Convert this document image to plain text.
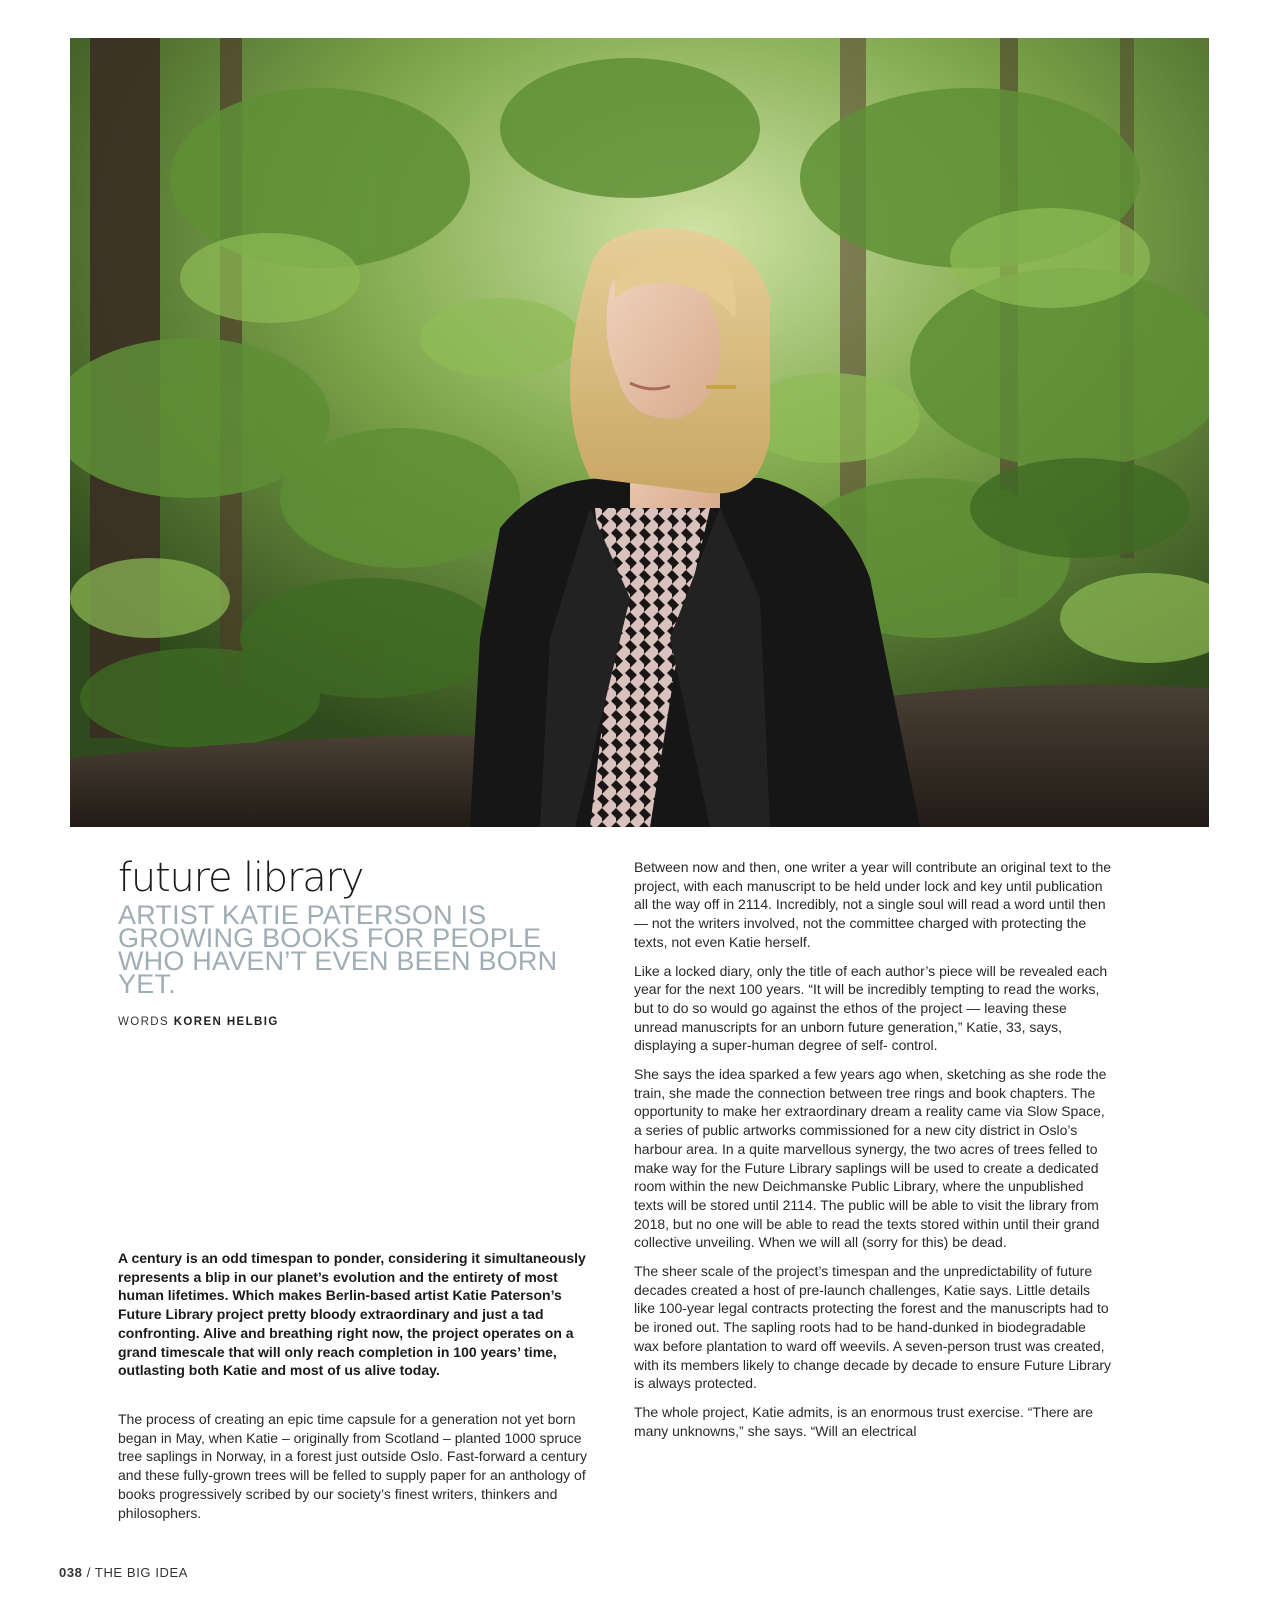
future library
ARTIST KATIE PATERSON IS GROWING BOOKS FOR PEOPLE WHO HAVEN’T EVEN BEEN BORN YET.
WORDS KOREN HELBIG
A century is an odd timespan to ponder, considering it simultaneously represents a blip in our planet’s evolution and the entirety of most human lifetimes. Which makes Berlin-based artist Katie Paterson’s Future Library project pretty bloody extraordinary and just a tad confronting. Alive and breathing right now, the project operates on a grand timescale that will only reach completion in 100 years’ time, outlasting both Katie and most of us alive today.
The process of creating an epic time capsule for a generation not yet born began in May, when Katie – originally from Scotland – planted 1000 spruce tree saplings in Norway, in a forest just outside Oslo. Fast-forward a century and these fully-grown trees will be felled to supply paper for an anthology of books progressively scribed by our society’s finest writers, thinkers and philosophers.

Between now and then, one writer a year will contribute an original text to the project, with each manuscript to be held under lock and key until publication all the way off in 2114. Incredibly, not a single soul will read a word until then — not the writers involved, not the committee charged with protecting the texts, not even Katie herself.

Like a locked diary, only the title of each author’s piece will be revealed each year for the next 100 years. “It will be incredibly tempting to read the works, but to do so would go against the ethos of the project — leaving these unread manuscripts for an unborn future generation,” Katie, 33, says, displaying a super-human degree of self- control.

She says the idea sparked a few years ago when, sketching as she rode the train, she made the connection between tree rings and book chapters. The opportunity to make her extraordinary dream a reality came via Slow Space, a series of public artworks commissioned for a new city district in Oslo’s harbour area. In a quite marvellous synergy, the two acres of trees felled to make way for the Future Library saplings will be used to create a dedicated room within the new Deichmanske Public Library, where the unpublished texts will be stored until 2114. The public will be able to visit the library from 2018, but no one will be able to read the texts stored within until their grand collective unveiling. When we will all (sorry for this) be dead.

The sheer scale of the project’s timespan and the unpredictability of future decades created a host of pre-launch challenges, Katie says. Little details like 100-year legal contracts protecting the forest and the manuscripts had to be ironed out. The sapling roots had to be hand-dunked in biodegradable wax before plantation to ward off weevils. A seven-person trust was created, with its members likely to change decade by decade to ensure Future Library is always protected.

The whole project, Katie admits, is an enormous trust exercise. “There are many unknowns,” she says. “Will an electrical

038 / THE BIG IDEA
